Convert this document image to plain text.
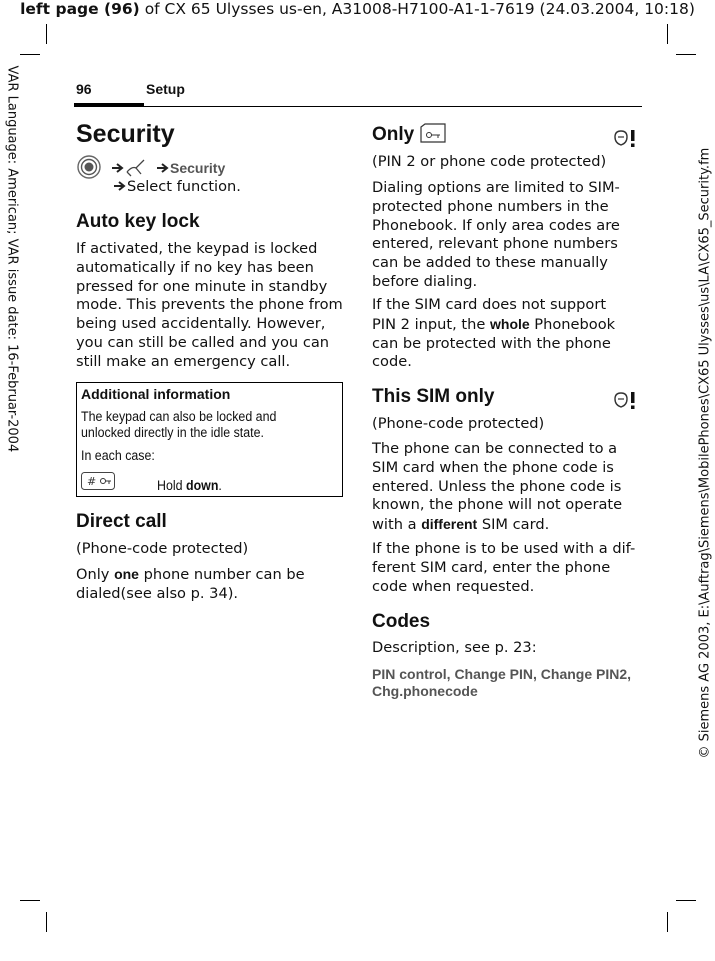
left page (96) of CX 65 Ulysses us-en, A31008-H7100-A1-1-7619 (24.03.2004, 10:18)
VAR Language: American; VAR issue date: 16-Februar-2004	© Siemens AG 2003, E:\Auftrag\Siemens\MobilePhones\CX65 Ulysses\us\LA\CX65_Security.fm
96	Setup
Security
Security
Select function.
Auto key lock
If activated, the keypad is locked
automatically if no key has been
pressed for one minute in standby
mode. This prevents the phone from
being used accidentally. However,
you can still be called and you can
still make an emergency call.
Additional information
The keypad can also be locked and
unlocked directly in the idle state.
In each case:
#	Hold down.
Direct call
(Phone-code protected)
Only one phone number can be
dialed(see also p. 34).
Only
(PIN 2 or phone code protected)
Dialing options are limited to SIM-
protected phone numbers in the
Phonebook. If only area codes are
entered, relevant phone numbers
can be added to these manually
before dialing.
If the SIM card does not support
PIN 2 input, the whole Phonebook
can be protected with the phone
code.
This SIM only
(Phone-code protected)
The phone can be connected to a
SIM card when the phone code is
entered. Unless the phone code is
known, the phone will not operate
with a different SIM card.
If the phone is to be used with a dif-
ferent SIM card, enter the phone
code when requested.
Codes
Description, see p. 23:
PIN control, Change PIN, Change PIN2,
Chg.phonecode
